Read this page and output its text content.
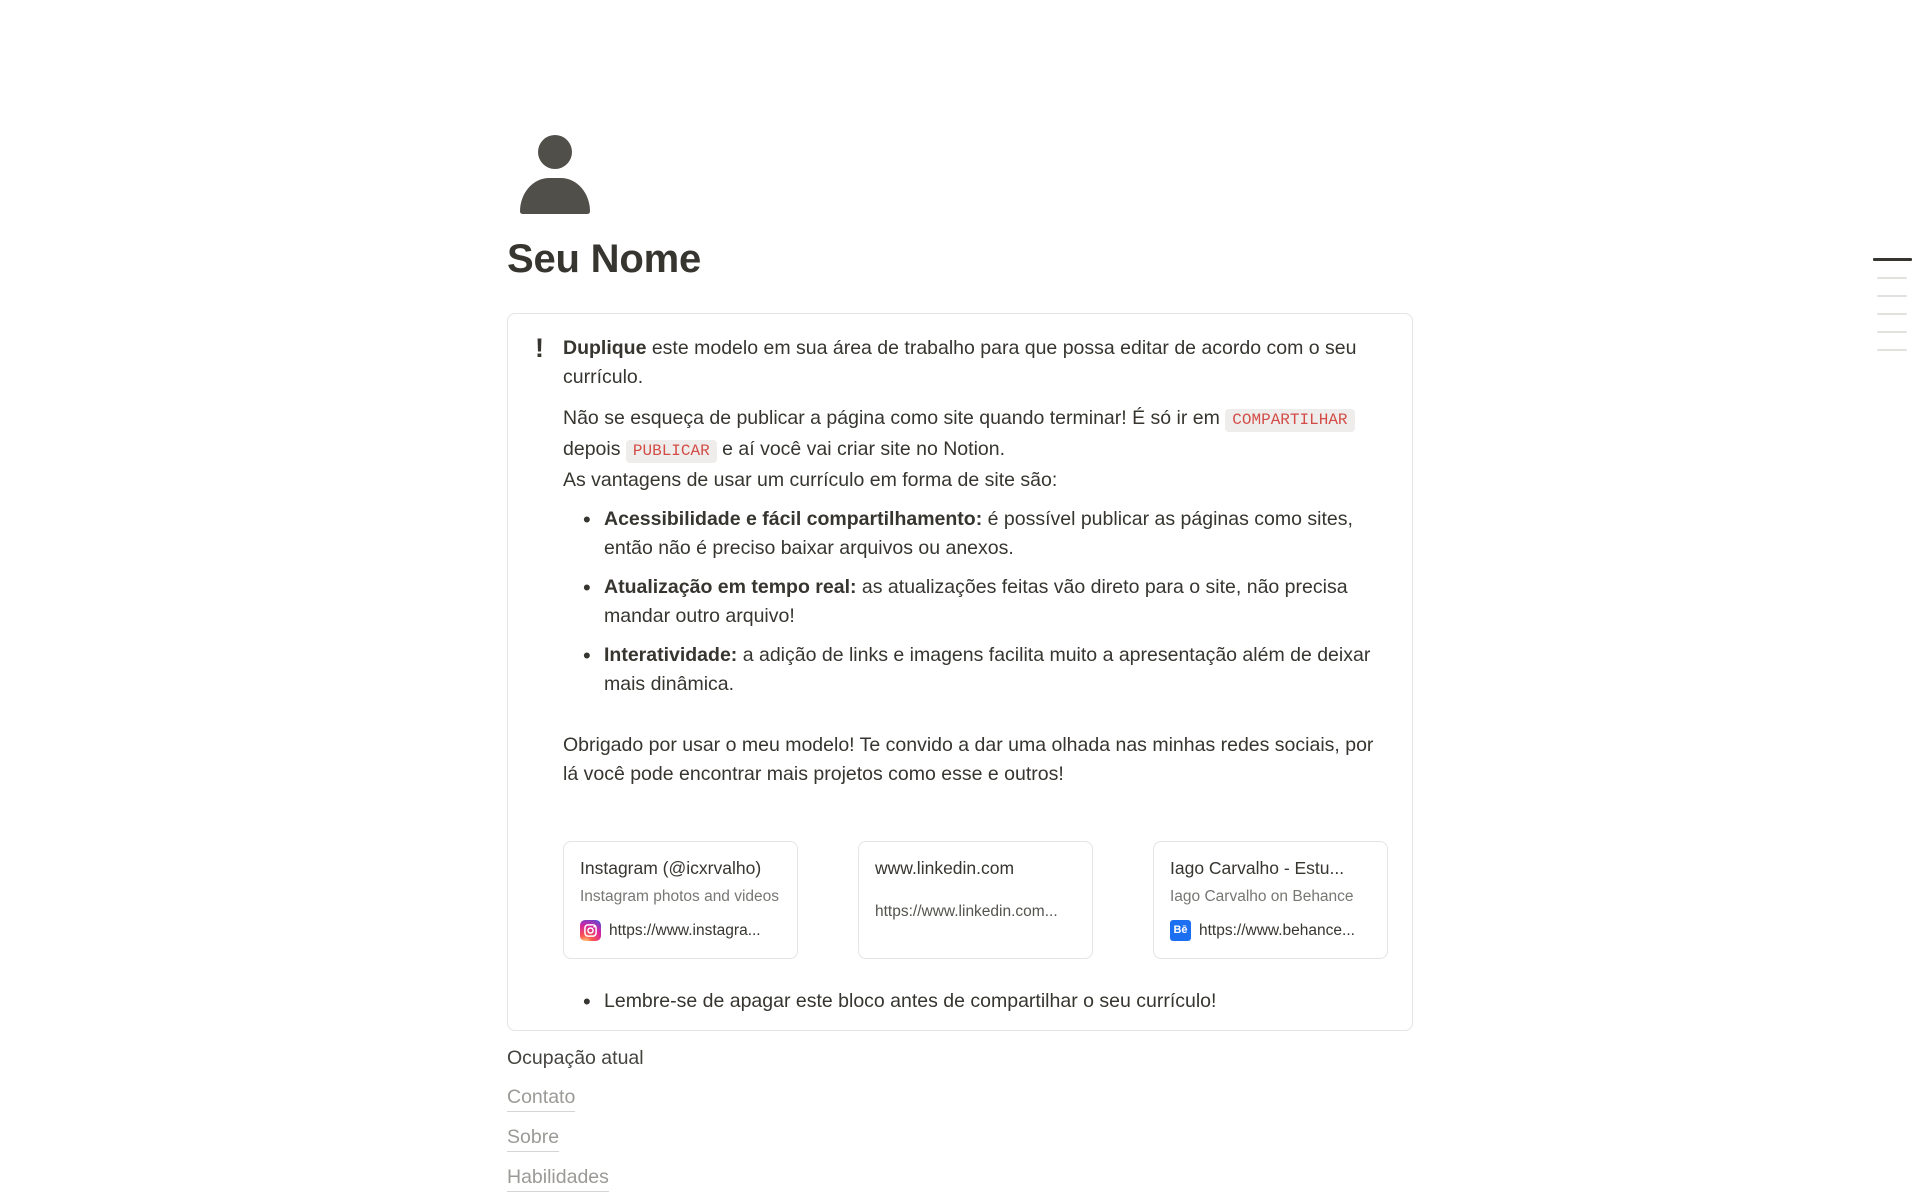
Seu Nome
! Duplique este modelo em sua área de trabalho para que possa editar de acordo com o seu currículo.

Não se esqueça de publicar a página como site quando terminar! É só ir em COMPARTILHAR depois PUBLICAR e aí você vai criar site no Notion.

As vantagens de usar um currículo em forma de site são:

• Acessibilidade e fácil compartilhamento: é possível publicar as páginas como sites, então não é preciso baixar arquivos ou anexos.
• Atualização em tempo real: as atualizações feitas vão direto para o site, não precisa mandar outro arquivo!
• Interatividade: a adição de links e imagens facilita muito a apresentação além de deixar mais dinâmica.

Obrigado por usar o meu modelo! Te convido a dar uma olhada nas minhas redes sociais, por lá você pode encontrar mais projetos como esse e outros!

Instagram (@icxrvalho)
Instagram photos and videos
https://www.instagra...
www.linkedin.com
https://www.linkedin.com...
Iago Carvalho - Estu...
Iago Carvalho on Behance
Bē https://www.behance...
• Lembre-se de apagar este bloco antes de compartilhar o seu currículo!
Ocupação atual
Contato
Sobre
Habilidades
